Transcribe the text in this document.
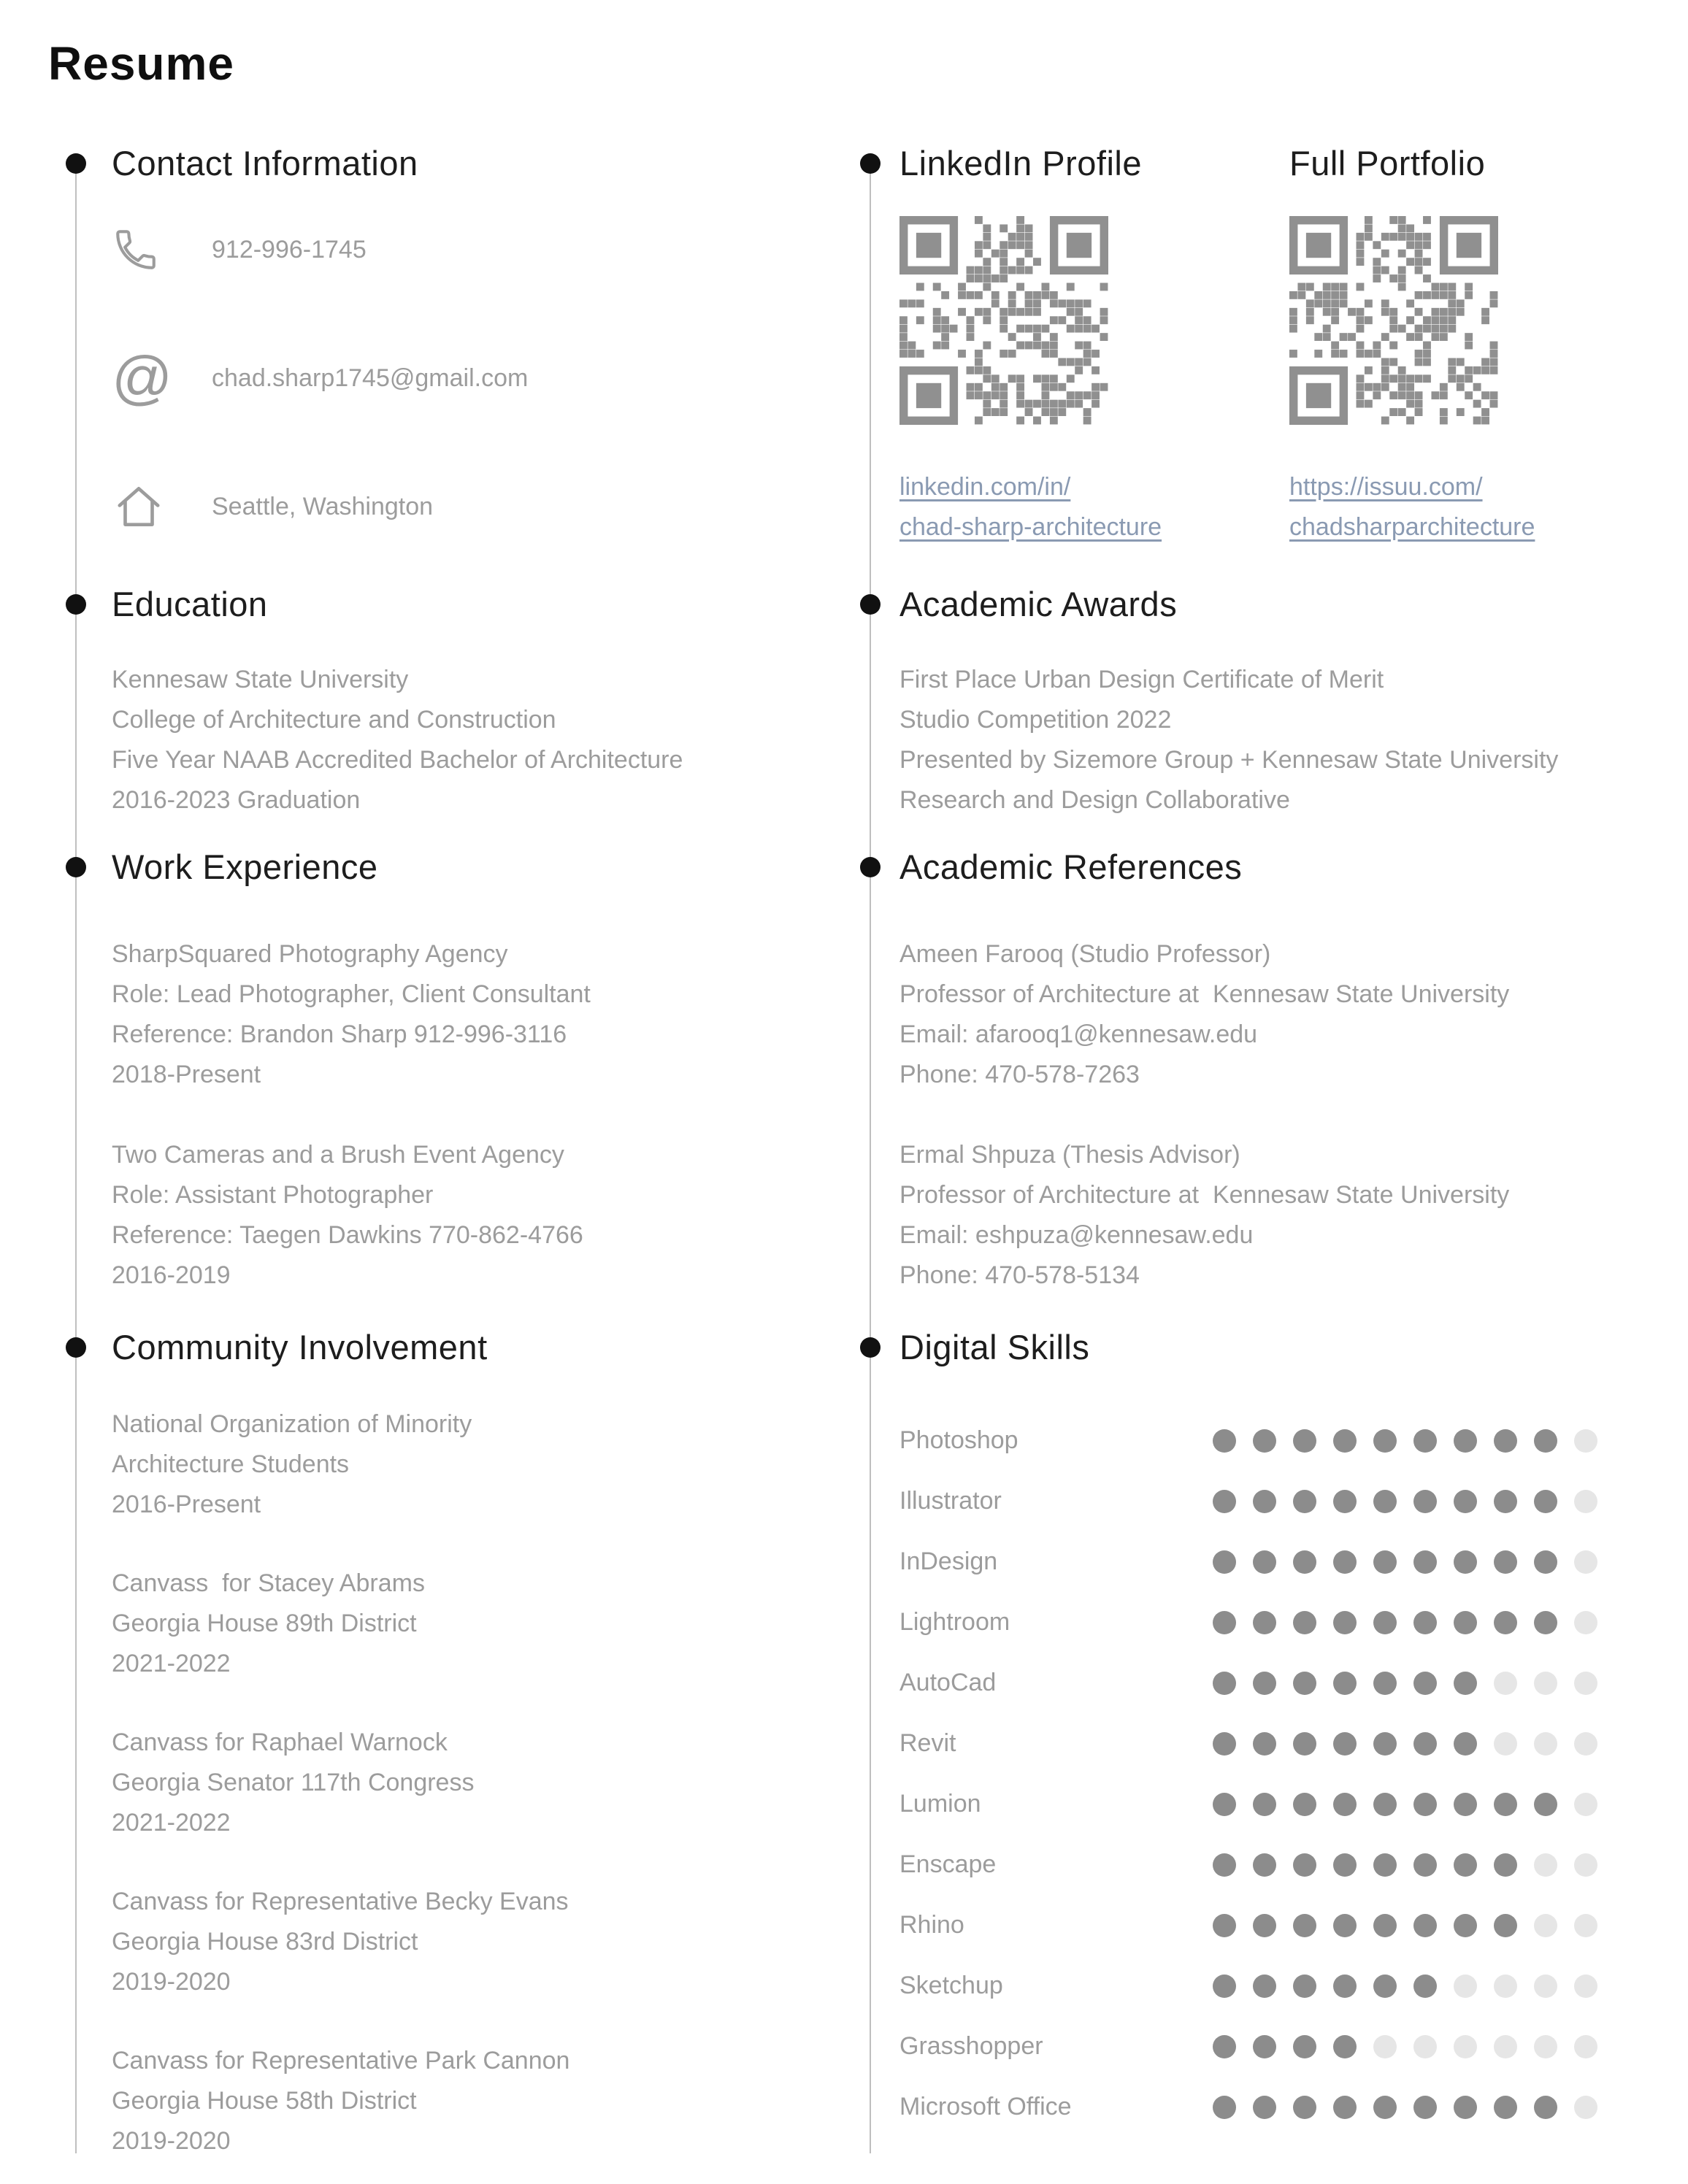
Resume
Contact Information
912-996-1745
@ chad.sharp1745@gmail.com
Seattle, Washington
Education
Kennesaw State University
College of Architecture and Construction
Five Year NAAB Accredited Bachelor of Architecture
2016-2023 Graduation
Work Experience
SharpSquared Photography Agency
Role: Lead Photographer, Client Consultant
Reference: Brandon Sharp 912-996-3116
2018-Present
Two Cameras and a Brush Event Agency
Role: Assistant Photographer
Reference: Taegen Dawkins 770-862-4766
2016-2019
Community Involvement
National Organization of Minority
Architecture Students
2016-Present
Canvass  for Stacey Abrams
Georgia House 89th District
2021-2022
Canvass for Raphael Warnock
Georgia Senator 117th Congress
2021-2022
Canvass for Representative Becky Evans
Georgia House 83rd District
2019-2020
Canvass for Representative Park Cannon
Georgia House 58th District
2019-2020
LinkedIn Profile
linkedin.com/in/
chad-sharp-architecture
Full Portfolio
https://issuu.com/
chadsharparchitecture
Academic Awards
First Place Urban Design Certificate of Merit
Studio Competition 2022
Presented by Sizemore Group + Kennesaw State University
Research and Design Collaborative
Academic References
Ameen Farooq (Studio Professor)
Professor of Architecture at  Kennesaw State University
Email: afarooq1@kennesaw.edu
Phone: 470-578-7263
Ermal Shpuza (Thesis Advisor)
Professor of Architecture at  Kennesaw State University
Email: eshpuza@kennesaw.edu
Phone: 470-578-5134
Digital Skills
Photoshop
Illustrator
InDesign
Lightroom
AutoCad
Revit
Lumion
Enscape
Rhino
Sketchup
Grasshopper
Microsoft Office
